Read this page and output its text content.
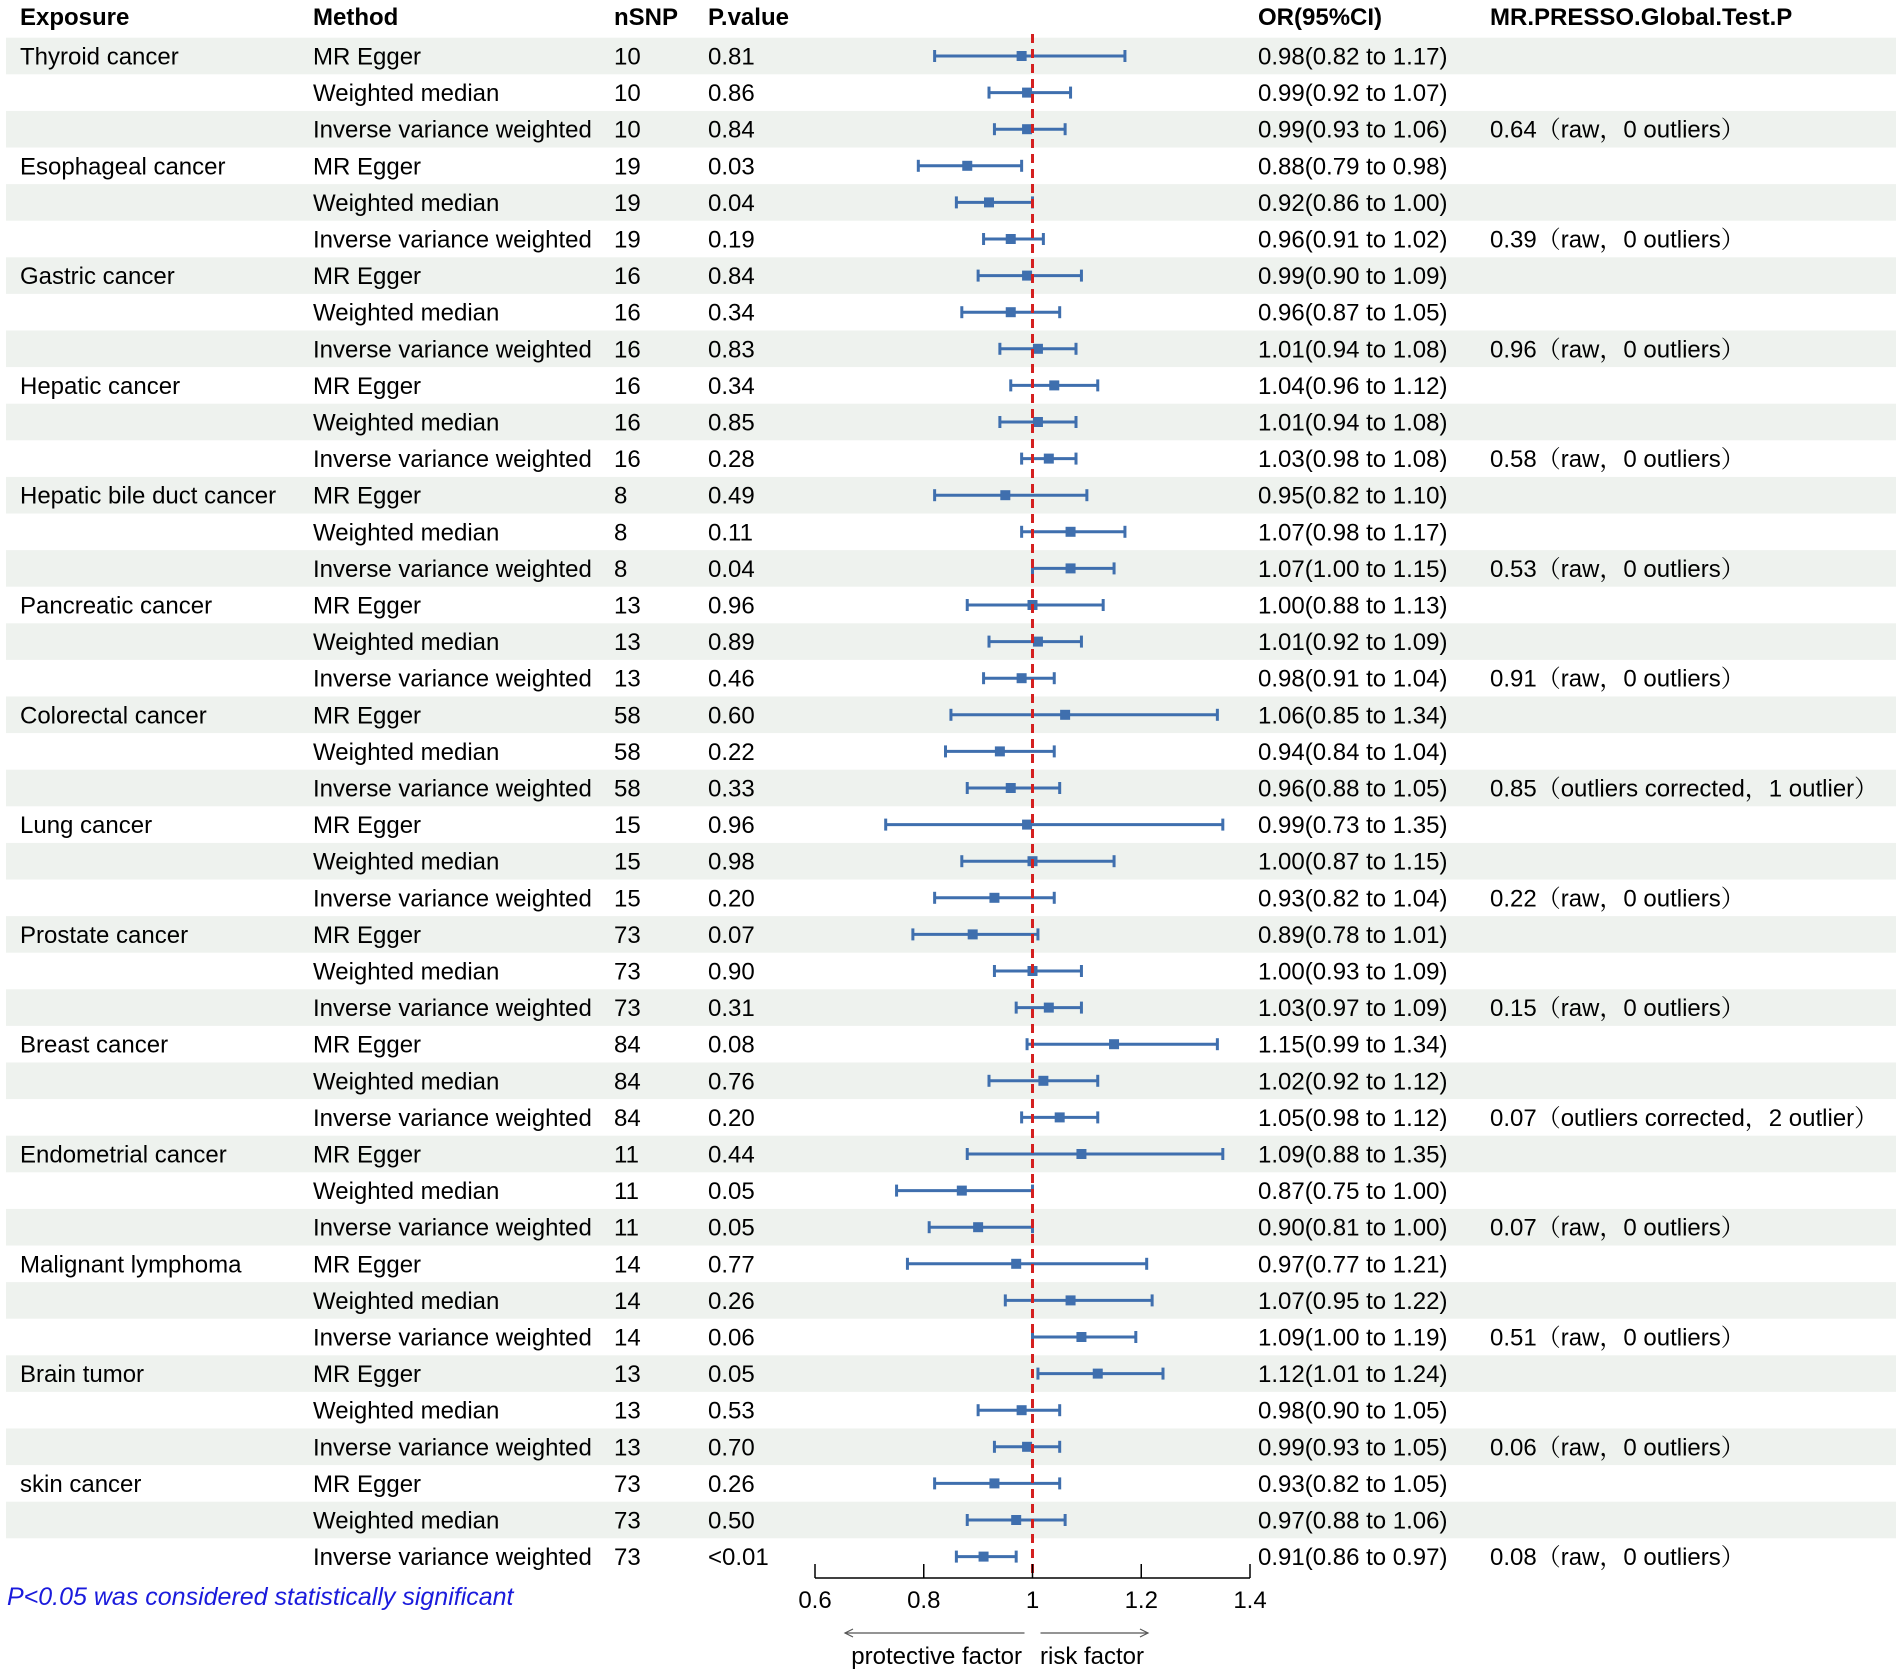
Exposure	Method	nSNP P.value	OR(95%CI)	MR.PRESSO.Global.Test.P
Thyroid cancer	MR Egger	10	0.81	0.98(0.82 to 1.17)
Weighted median	10	0.86	0.99(0.92 to 1.07)
Inverse variance weighted 10	0.84	0.99(0.93 to 1.06) 0.64（raw，0 outliers）
Esophageal cancer	MR Egger	19	0.03	0.88(0.79 to 0.98)
Weighted median	19	0.04	0.92(0.86 to 1.00)
Inverse variance weighted 19	0.19	0.96(0.91 to 1.02) 0.39（raw，0 outliers）
Gastric cancer	MR Egger	16	0.84	0.99(0.90 to 1.09)
Weighted median	16	0.34	0.96(0.87 to 1.05)
Inverse variance weighted 16	0.83	1.01(0.94 to 1.08) 0.96（raw，0 outliers）
Hepatic cancer	MR Egger	16	0.34	1.04(0.96 to 1.12)
Weighted median	16	0.85	1.01(0.94 to 1.08)
Inverse variance weighted 16	0.28	1.03(0.98 to 1.08) 0.58（raw，0 outliers）
Hepatic bile duct cancer MR Egger	8	0.49	0.95(0.82 to 1.10)
Weighted median	8	0.11	1.07(0.98 to 1.17)
Inverse variance weighted 8	0.04	1.07(1.00 to 1.15) 0.53（raw，0 outliers）
Pancreatic cancer	MR Egger	13	0.96	1.00(0.88 to 1.13)
Weighted median	13	0.89	1.01(0.92 to 1.09)
Inverse variance weighted 13	0.46	0.98(0.91 to 1.04) 0.91（raw，0 outliers）
Colorectal cancer	MR Egger	58	0.60	1.06(0.85 to 1.34)
Weighted median	58	0.22	0.94(0.84 to 1.04)
Inverse variance weighted 58	0.33	0.96(0.88 to 1.05) 0.85（outliers corrected，1 outlier）
Lung cancer	MR Egger	15	0.96	0.99(0.73 to 1.35)
Weighted median	15	0.98	1.00(0.87 to 1.15)
Inverse variance weighted 15	0.20	0.93(0.82 to 1.04) 0.22（raw，0 outliers）
Prostate cancer	MR Egger	73	0.07	0.89(0.78 to 1.01)
Weighted median	73	0.90	1.00(0.93 to 1.09)
Inverse variance weighted 73	0.31	1.03(0.97 to 1.09) 0.15（raw，0 outliers）
Breast cancer	MR Egger	84	0.08	1.15(0.99 to 1.34)
Weighted median	84	0.76	1.02(0.92 to 1.12)
Inverse variance weighted 84	0.20	1.05(0.98 to 1.12) 0.07（outliers corrected，2 outlier）
Endometrial cancer	MR Egger	11	0.44	1.09(0.88 to 1.35)
Weighted median	11	0.05	0.87(0.75 to 1.00)
Inverse variance weighted 11	0.05	0.90(0.81 to 1.00) 0.07（raw，0 outliers）
Malignant lymphoma	MR Egger	14	0.77	0.97(0.77 to 1.21)
Weighted median	14	0.26	1.07(0.95 to 1.22)
Inverse variance weighted 14	0.06	1.09(1.00 to 1.19) 0.51（raw，0 outliers）
Brain tumor	MR Egger	13	0.05	1.12(1.01 to 1.24)
Weighted median	13	0.53	0.98(0.90 to 1.05)
Inverse variance weighted 13	0.70	0.99(0.93 to 1.05) 0.06（raw，0 outliers）
skin cancer	MR Egger	73	0.26	0.93(0.82 to 1.05)
Weighted median	73	0.50	0.97(0.88 to 1.06)
Inverse variance weighted 73	<0.01	0.91(0.86 to 0.97) 0.08（raw，0 outliers）
0.6	0.8	1	1.2	1.4
protective factor risk factor
P<0.05 was considered statistically significant
